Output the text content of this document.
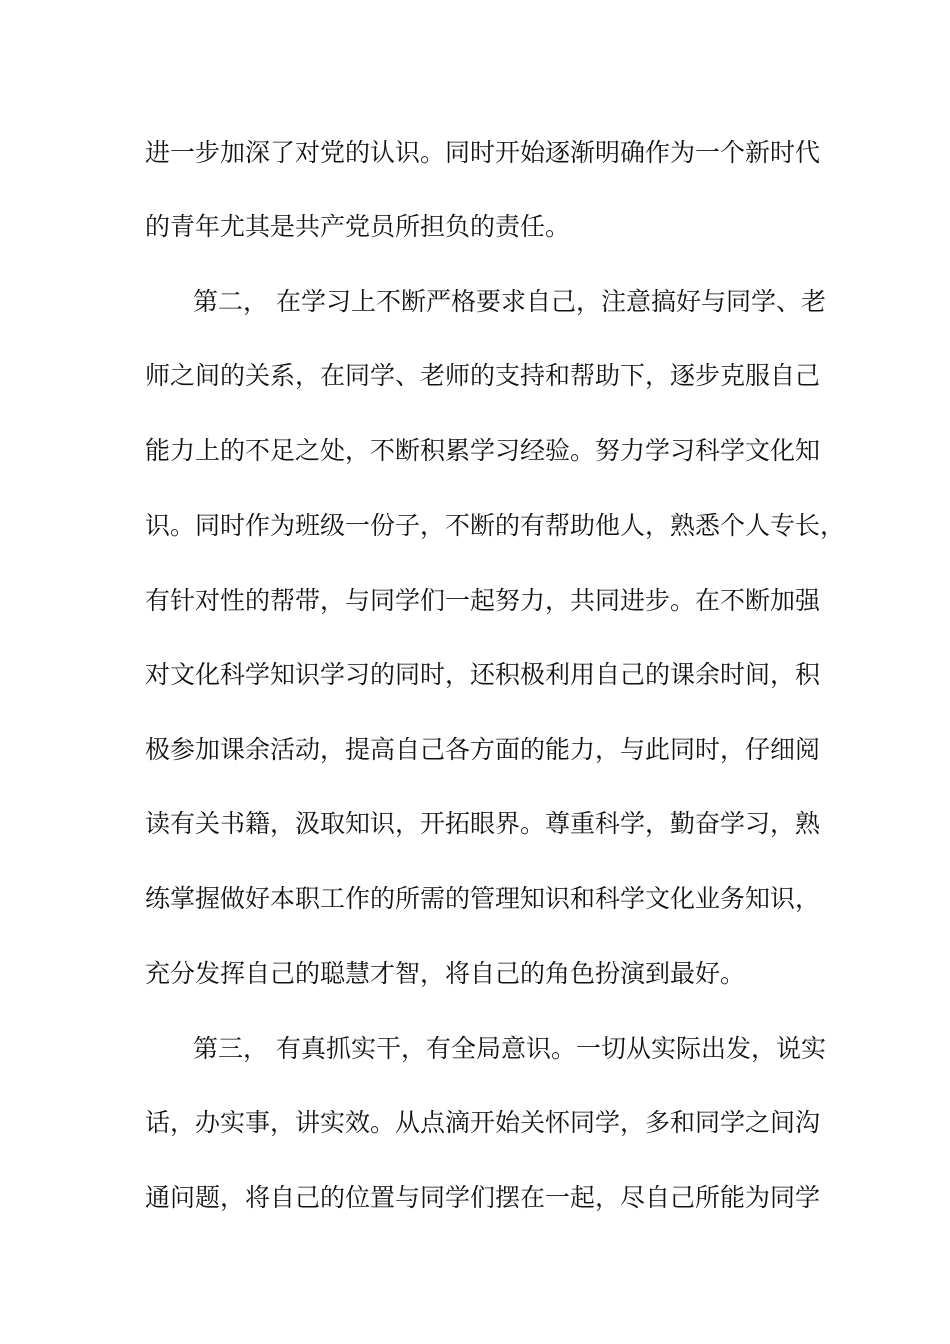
进一步加深了对党的认识。同时开始逐渐明确作为一个新时代
的青年尤其是共产党员所担负的责任。
第二， 在学习上不断严格要求自己，注意搞好与同学、老
师之间的关系，在同学、老师的支持和帮助下，逐步克服自己
能力上的不足之处，不断积累学习经验。努力学习科学文化知
识。同时作为班级一份子，不断的有帮助他人，熟悉个人专长，
有针对性的帮带，与同学们一起努力，共同进步。在不断加强
对文化科学知识学习的同时，还积极利用自己的课余时间，积
极参加课余活动，提高自己各方面的能力，与此同时，仔细阅
读有关书籍，汲取知识，开拓眼界。尊重科学，勤奋学习，熟
练掌握做好本职工作的所需的管理知识和科学文化业务知识，
充分发挥自己的聪慧才智，将自己的角色扮演到最好。
第三， 有真抓实干，有全局意识。一切从实际出发，说实
话，办实事，讲实效。从点滴开始关怀同学，多和同学之间沟
通问题，将自己的位置与同学们摆在一起，尽自己所能为同学
